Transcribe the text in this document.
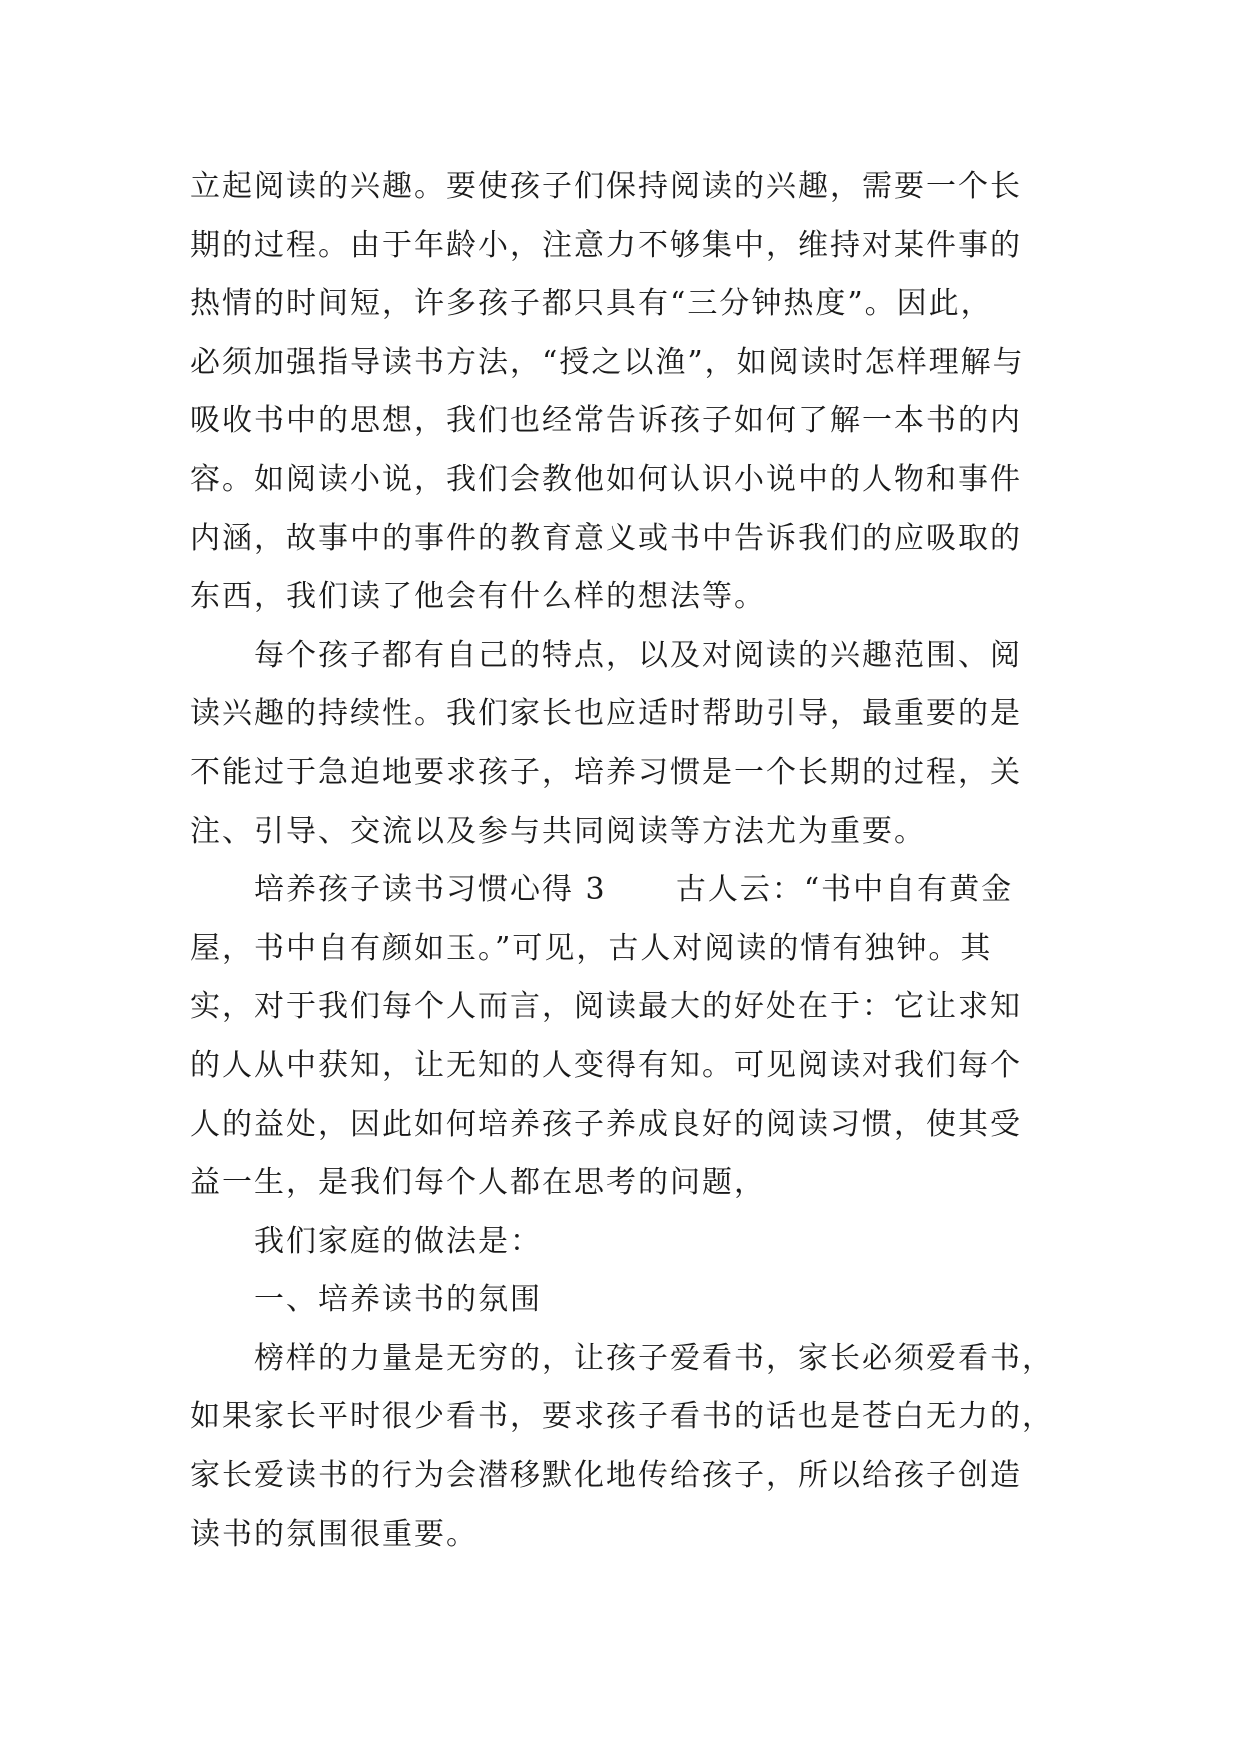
立起阅读的兴趣。要使孩子们保持阅读的兴趣，需要一个长
期的过程。由于年龄小，注意力不够集中，维持对某件事的
热情的时间短，许多孩子都只具有“三分钟热度”。因此，
必须加强指导读书方法，“授之以渔”，如阅读时怎样理解与
吸收书中的思想，我们也经常告诉孩子如何了解一本书的内
容。如阅读小说，我们会教他如何认识小说中的人物和事件
内涵，故事中的事件的教育意义或书中告诉我们的应吸取的
东西，我们读了他会有什么样的想法等。
每个孩子都有自己的特点，以及对阅读的兴趣范围、阅
读兴趣的持续性。我们家长也应适时帮助引导，最重要的是
不能过于急迫地要求孩子，培养习惯是一个长期的过程，关
注、引导、交流以及参与共同阅读等方法尤为重要。
培养孩子读书习惯心得 3      古人云：“书中自有黄金
屋，书中自有颜如玉。”可见，古人对阅读的情有独钟。其
实，对于我们每个人而言，阅读最大的好处在于：它让求知
的人从中获知，让无知的人变得有知。可见阅读对我们每个
人的益处，因此如何培养孩子养成良好的阅读习惯，使其受
益一生，是我们每个人都在思考的问题，
我们家庭的做法是：
一、培养读书的氛围
榜样的力量是无穷的，让孩子爱看书，家长必须爱看书，
如果家长平时很少看书，要求孩子看书的话也是苍白无力的，
家长爱读书的行为会潜移默化地传给孩子，所以给孩子创造
读书的氛围很重要。
